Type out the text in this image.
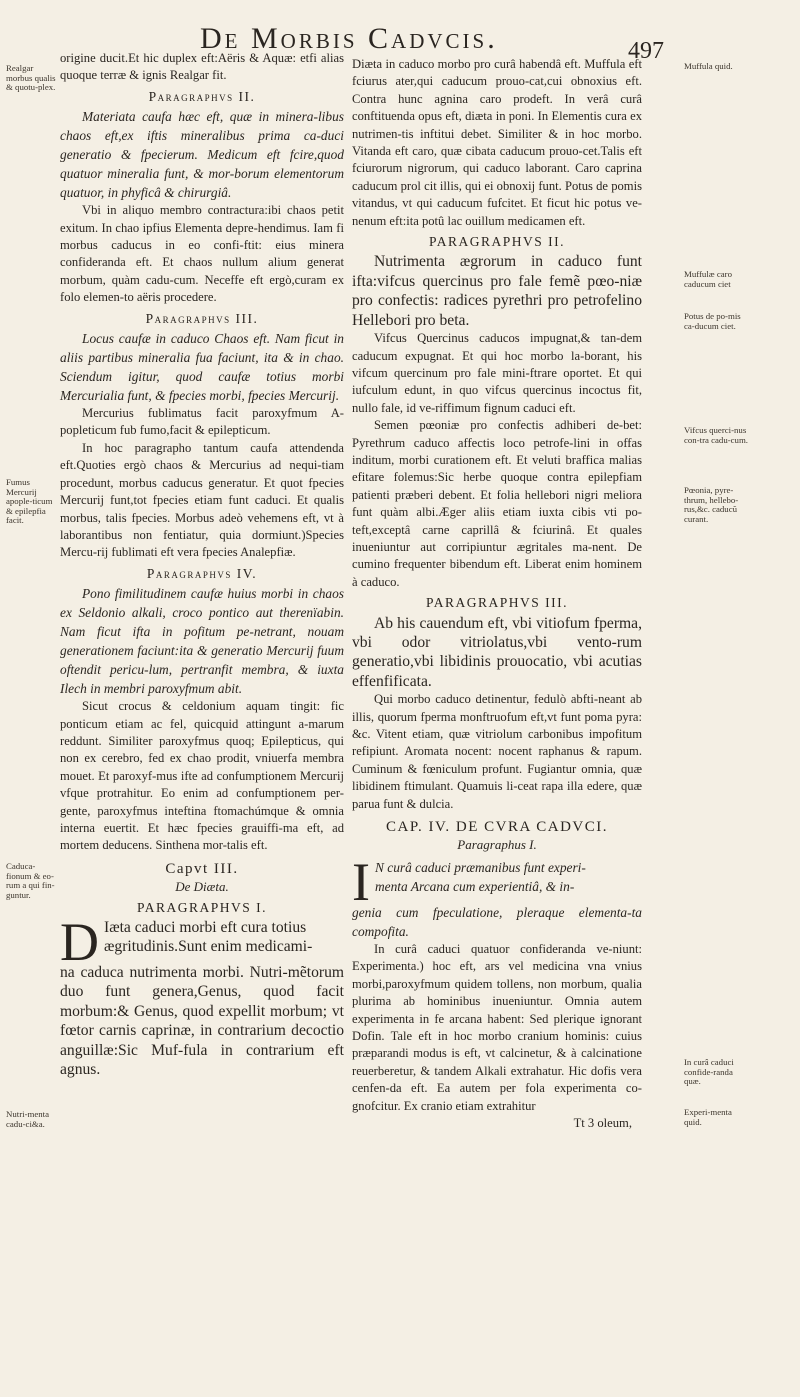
De Morbis Cadvcis.	497
Realgar morbus qualis & quotu-plex.
Fumus Mercurij apople-ticum & epilepfia facit.
Caduca-fionum & eo-rum a qui fin-guntur.
Nutri-menta cadu-ci&a.
Muffula quid.
Muffulæ caro caducum ciet
Potus de po-mis ca-ducum ciet.
Vifcus querci-nus con-tra cadu-cum.
Pœonia, pyre-thrum, hellebo-rus,&c. caducũ curant.
In curâ caduci confide-randa quæ.
Experi-menta quid.

origine ducit.Et hic duplex eft:Aëris & Aquæ: etfi alias quoque terræ & ignis Realgar fit.

Paragraphvs II.

Materiata caufa hæc eft, quæ in minera-libus chaos eft,ex iftis mineralibus prima ca-duci generatio & fpecierum. Medicum eft fcire,quod quatuor mineralia funt, & mor-borum elementorum quatuor, in phyficâ & chirurgiâ.

Vbi in aliquo membro contractura:ibi chaos petit exitum. In chao ipfius Elementa depre-hendimus. Iam fi morbus caducus in eo confi-ftit: eius minera confideranda eft. Et chaos nullum alium generat morbum, quàm cadu-cum. Neceffe eft ergò,curam ex folo elemen-to aëris procedere.

Paragraphvs III.

Locus caufæ in caduco Chaos eft. Nam ficut in aliis partibus mineralia fua faciunt, ita & in chao. Sciendum igitur, quod caufæ totius morbi Mercurialia funt, & fpecies morbi, fpecies Mercurij.

Mercurius fublimatus facit paroxyfmum A-popleticum fub fumo,facit & epilepticum.

In hoc paragrapho tantum caufa attendenda eft.Quoties ergò chaos & Mercurius ad nequi-tiam procedunt, morbus caducus generatur. Et quot fpecies Mercurij funt,tot fpecies etiam funt caduci. Et qualis morbus, talis fpecies. Morbus adeò vehemens eft, vt à laborantibus non fentiatur, quia dormiunt.)Species Mercu-rij fublimati eft vera fpecies Analepfiæ.

Paragraphvs IV.

Pono fimilitudinem caufæ huius morbi in chaos ex Seldonio alkali, croco pontico aut therenïabin. Nam ficut ifta in pofitum pe-netrant, nouam generationem faciunt:ita & generatio Mercurij fuum oftendit pericu-lum, pertranfit membra, & iuxta Ilech in membri paroxyfmum abit.

Sicut crocus & celdonium aquam tingit: fic ponticum etiam ac fel, quicquid attingunt a-marum reddunt. Similiter paroxyfmus quoq; Epilepticus, qui non ex cerebro, fed ex chao prodit, vniuerfa membra mouet. Et paroxyf-mus ifte ad confumptionem Mercurij vfque protrahitur. Eo enim ad confumptionem per-gente, paroxyfmus inteftina ftomachúmque & omnia interna euertit. Et hæc fpecies grauiffi-ma eft, ad mortem deducens. Sinthena mor-talis eft.

Capvt III.

De Diæta.

PARAGRAPHVS I.

D Iæta caduci morbi eft cura totius
ægritudinis.Sunt enim medicami-
na caduca nutrimenta morbi. Nutri-mẽtorum duo funt genera,Genus, quod facit morbum:& Genus, quod expellit morbum; vt fœtor carnis caprinæ, in contrarium decoctio anguillæ:Sic Muf-fula in contrarium eft agnus.

Diæta in caduco morbo pro curâ habendâ eft. Muffula eft fciurus ater,qui caducum prouo-cat,cui obnoxius eft. Contra hunc agnina caro prodeft. In verâ curâ conftituenda opus eft, diæta in poni. In Elementis cura ex nutrimen-tis inftitui debet. Similiter & in hoc morbo. Vitanda eft caro, quæ cibata caducum prouo-cet.Talis eft fciurorum nigrorum, qui caduco laborant. Caro caprina caducum prol cit illis, qui ei obnoxij funt. Potus de pomis vitandus, vt qui caducum fufcitet. Et ficut hic potus ve-nenum eft:ita potû lac ouillum medicamen eft.

PARAGRAPHVS II.

Nutrimenta ægrorum in caduco funt ifta:vifcus quercinus pro fale femẽ pœo-niæ pro confectis: radices pyrethri pro petrofelino Hellebori pro beta.

Vifcus Quercinus caducos impugnat,& tan-dem caducum expugnat. Et qui hoc morbo la-borant, his vifcum quercinum pro fale mini-ftrare oportet. Et qui iufculum edunt, in quo vifcus quercinus incoctus fit, nullo fale, id ve-riffimum fignum caduci eft.

Semen pœoniæ pro confectis adhiberi de-bet: Pyrethrum caduco affectis loco petrofe-lini in offas inditum, morbi curationem eft. Et veluti braffica malias efitare folemus:Sic herbe quoque contra epilepfiam patienti præberi debent. Et folia hellebori nigri meliora funt quàm albi.Æger aliis etiam iuxta cibis vti po-teft,exceptâ carne caprillâ & fciurinâ. Et quales inueniuntur aut corripiuntur ægritales ma-nent. De cumino frequenter bibendum eft. Liberat enim hominem à caduco.

PARAGRAPHVS III.

Ab his cauendum eft, vbi vitiofum fperma, vbi odor vitriolatus,vbi vento-rum generatio,vbi libidinis prouocatio, vbi acutias effenfificata.

Qui morbo caduco detinentur, fedulò abfti-neant ab illis, quorum fperma monftruofum eft,vt funt poma pyra: &c. Vitent etiam, quæ vitriolum carbonibus impofitum refipiunt. Aromata nocent: nocent raphanus & rapum. Cuminum & fœniculum profunt. Fugiantur omnia, quæ libidinem ftimulant. Quamuis li-ceat rapa illa edere, quæ parua funt & dulcia.

CAP. IV. DE CVRA CADVCI.

Paragraphus I.

I N curâ caduci præmanibus funt experi-
menta Arcana cum experientiâ, & in-
genia cum fpeculatione, pleraque elementa-ta compofita.

In curâ caduci quatuor confideranda ve-niunt: Experimenta.) hoc eft, ars vel medicina vna vnius morbi,paroxyfmum quidem tollens, non morbum, qualia plurima ab hominibus inueniuntur. Omnia autem experimenta in fe arcana habent: Sed plerique ignorant Dofin. Tale eft in hoc morbo cranium hominis: cuius præparandi modus is eft, vt calcinetur, & à calcinatione reuerberetur, & tandem Alkali extrahatur. Hic dofis vera cenfen-da eft. Ea autem per fola experimenta co-gnofcitur. Ex cranio etiam extrahitur

Tt 3 oleum,
